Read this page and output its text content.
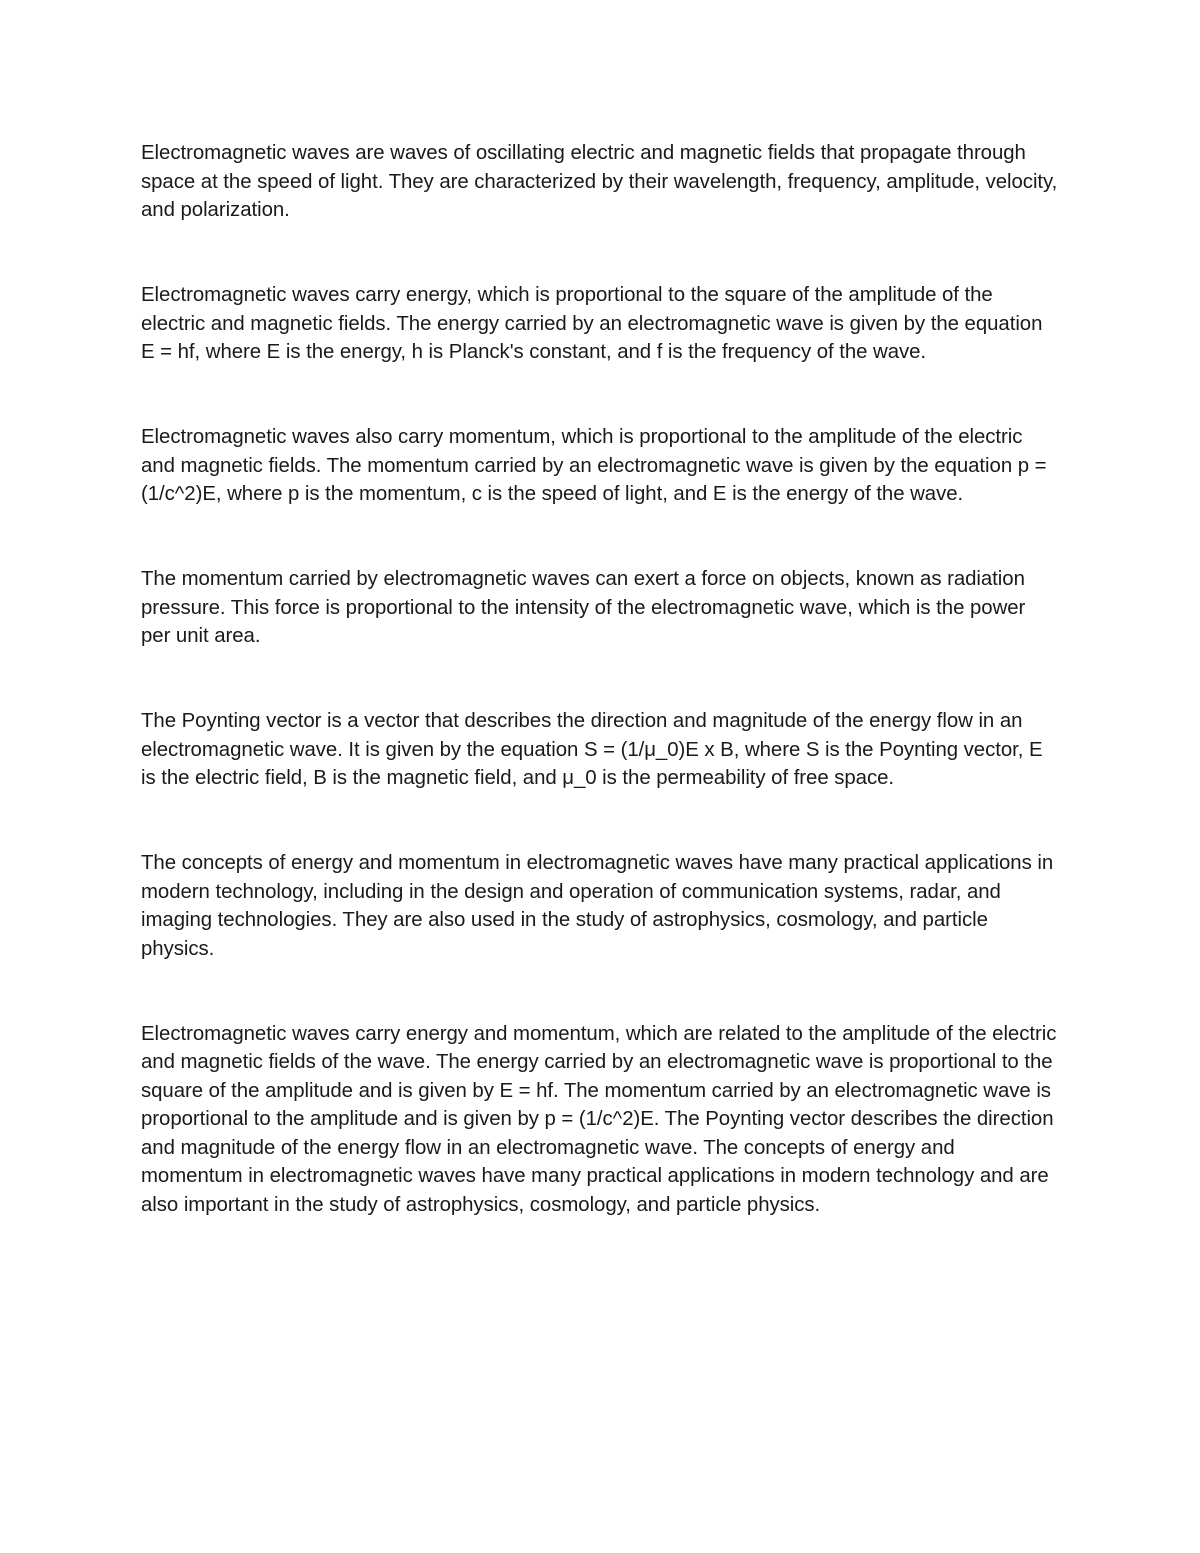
Electromagnetic waves are waves of oscillating electric and magnetic fields that propagate through space at the speed of light. They are characterized by their wavelength, frequency, amplitude, velocity, and polarization.

Electromagnetic waves carry energy, which is proportional to the square of the amplitude of the electric and magnetic fields. The energy carried by an electromagnetic wave is given by the equation E = hf, where E is the energy, h is Planck's constant, and f is the frequency of the wave.

Electromagnetic waves also carry momentum, which is proportional to the amplitude of the electric and magnetic fields. The momentum carried by an electromagnetic wave is given by the equation p = (1/c^2)E, where p is the momentum, c is the speed of light, and E is the energy of the wave.

The momentum carried by electromagnetic waves can exert a force on objects, known as radiation pressure. This force is proportional to the intensity of the electromagnetic wave, which is the power per unit area.

The Poynting vector is a vector that describes the direction and magnitude of the energy flow in an electromagnetic wave. It is given by the equation S = (1/μ_0)E x B, where S is the Poynting vector, E is the electric field, B is the magnetic field, and μ_0 is the permeability of free space.

The concepts of energy and momentum in electromagnetic waves have many practical applications in modern technology, including in the design and operation of communication systems, radar, and imaging technologies. They are also used in the study of astrophysics, cosmology, and particle physics.

Electromagnetic waves carry energy and momentum, which are related to the amplitude of the electric and magnetic fields of the wave. The energy carried by an electromagnetic wave is proportional to the square of the amplitude and is given by E = hf. The momentum carried by an electromagnetic wave is proportional to the amplitude and is given by p = (1/c^2)E. The Poynting vector describes the direction and magnitude of the energy flow in an electromagnetic wave. The concepts of energy and momentum in electromagnetic waves have many practical applications in modern technology and are also important in the study of astrophysics, cosmology, and particle physics.
